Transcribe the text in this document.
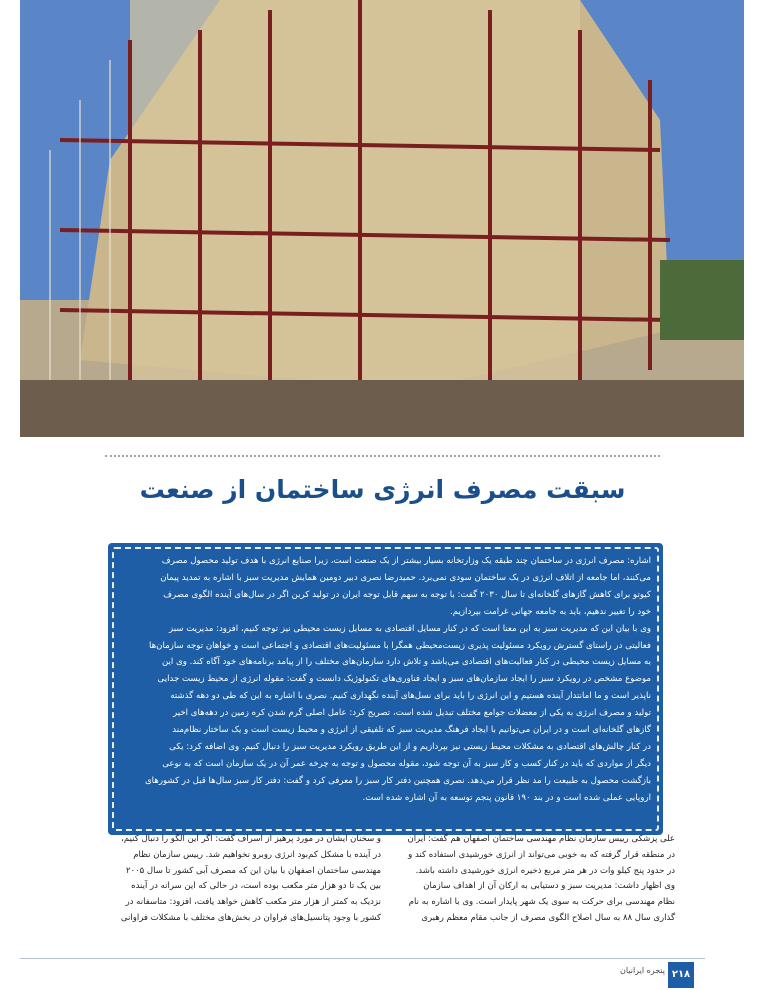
سبقت مصرف انرژی ساختمان از صنعت

اشاره: مصرف انرژی در ساختمان چند طبقه یک وزارتخانه بسیار بیشتر از یک صنعت است، زیرا صنایع انرژی با هدف تولید محصول مصرف

می‌کنند، اما جامعه از اتلاف انرژی در یک ساختمان سودی نمی‌برد. حمیدرضا نصری دبیر دومین همایش مدیریت سبز با اشاره به تمدید پیمان

کیوتو برای کاهش گازهای گلخانه‌ای تا سال ۲۰۳۰ گفت: با توجه به سهم قابل توجه ایران در تولید کربن اگر در سال‌های آینده الگوی مصرف

خود را تغییر ندهیم، باید به جامعه جهانی غرامت بپردازیم.

وی با بیان این که مدیریت سبز به این معنا است که در کنار مسایل اقتصادی به مسایل زیست محیطی نیز توجه کنیم، افزود: مدیریت سبز

فعالیتی در راستای گسترش رویکرد مسئولیت پذیری زیست‌محیطی همگرا با مسئولیت‌های اقتصادی و اجتماعی است و خواهان توجه سازمان‌ها

به مسایل زیست محیطی در کنار فعالیت‌های اقتصادی می‌باشد و تلاش دارد سازمان‌های مختلف را از پیامد برنامه‌های خود آگاه کند. وی این

موضوع مشخص در رویکرد سبز را ایجاد سازمان‌های سبز و ایجاد فناوری‌های تکنولوژیک دانست و گفت: مقوله انرژی از محیط زیست جدایی

ناپذیر است و ما امانتدار آینده هستیم و این انرژی را باید برای نسل‌های آینده نگهداری کنیم. نصری با اشاره به این که طی دو دهه گذشته

تولید و مصرف انرژی به یکی از معضلات جوامع مختلف تبدیل شده است، تصریح کرد: عامل اصلی گرم شدن کره زمین در دهه‌های اخیر

گازهای گلخانه‌ای است و در ایران می‌توانیم با ایجاد فرهنگ مدیریت سبز که تلفیقی از انرژی و محیط زیست است و یک ساختار نظام‌مند

در کنار چالش‌های اقتصادی به مشکلات محیط زیستی نیز بپردازیم و از این طریق رویکرد مدیریت سبز را دنبال کنیم. وی اضافه کرد: یکی

دیگر از مواردی که باید در کنار کسب و کار سبز به آن توجه شود، مقوله محصول و توجه به چرخه عمر آن در یک سازمان است که به نوعی

بازگشت محصول به طبیعت را مد نظر قرار می‌دهد. نصری همچنین دفتر کار سبز را معرفی کرد و گفت: دفتر کار سبز سال‌ها قبل در کشورهای

اروپایی عملی شده است و در بند ۱۹۰ قانون پنجم توسعه به آن اشاره شده است.

علی پزشکی رییس سازمان نظام مهندسی ساختمان اصفهان هم گفت: ایران

در منطقه قرار گرفته که به خوبی می‌تواند از انرژی خورشیدی استفاده کند و

در حدود پنج کیلو وات در هر متر مربع ذخیره انرژی خورشیدی داشته باشد.

وی اظهار داشت: مدیریت سبز و دستیابی به ارکان آن از اهداف سازمان

نظام مهندسی برای حرکت به سوی یک شهر پایدار است. وی با اشاره به نام

گذاری سال ۸۸ به سال اصلاح الگوی مصرف از جانب مقام معظم رهبری

و سخنان ایشان در مورد پرهیز از اسراف گفت: اگر این الگو را دنبال کنیم،

در آینده با مشکل کم‌بود انرژی روبرو نخواهیم شد. رییس سازمان نظام

مهندسی ساختمان اصفهان با بیان این که مصرف آبی کشور تا سال ۲۰۰۵

بین یک تا دو هزار متر مکعب بوده است، در حالی که این سرانه در آینده

نزدیک به کمتر از هزار متر مکعب کاهش خواهد یافت، افزود: متاسفانه در

کشور با وجود پتانسیل‌های فراوان در بخش‌های مختلف با مشکلات فراوانی

پنجره ایرانیان ۲۱۸
